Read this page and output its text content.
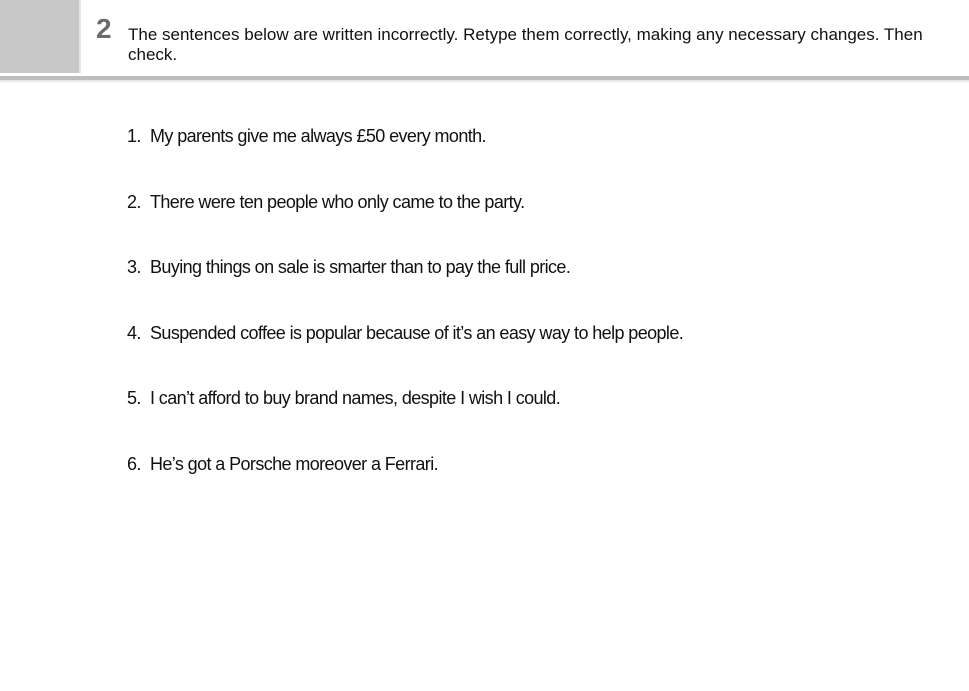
2 The sentences below are written incorrectly. Retype them correctly, making any necessary changes. Then check.
1. My parents give me always £50 every month.
2. There were ten people who only came to the party.
3. Buying things on sale is smarter than to pay the full price.
4. Suspended coffee is popular because of it’s an easy way to help people.
5. I can’t afford to buy brand names, despite I wish I could.
6. He’s got a Porsche moreover a Ferrari.
